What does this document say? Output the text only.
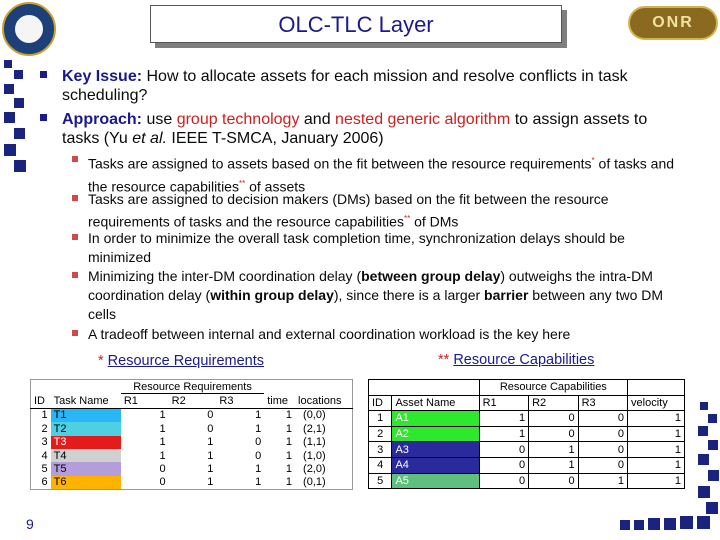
ONR
OLC-TLC Layer
Key Issue: How to allocate assets for each mission and resolve conflicts in task scheduling?
Approach: use group technology and nested generic algorithm to assign assets to tasks (Yu et al. IEEE T-SMCA, January 2006)
Tasks are assigned to assets based on the fit between the resource requirements* of tasks and the resource capabilities** of assets
Tasks are assigned to decision makers (DMs) based on the fit between the resource requirements of tasks and the resource capabilities** of DMs
In order to minimize the overall task completion time, synchronization delays should be minimized
Minimizing the inter-DM coordination delay (between group delay) outweighs the intra-DM coordination delay (within group delay), since there is a larger barrier between any two DM cells
A tradeoff between internal and external coordination workload is the key here
* Resource Requirements	** Resource Capabilities
		Resource Requirements				
ID	Task Name	R1	R2	R3	time	locations
1	T1	1	0	1	1	(0,0)
2	T2	1	0	1	1	(2,1)
3	T3	1	1	0	1	(1,1)
4	T4	1	1	0	1	(1,0)
5	T5	0	1	1	1	(2,0)
6	T6	0	1	1	1	(0,1)
		Resource Capabilities			
ID	Asset Name	R1	R2	R3	velocity
1	A1	1	0	0	1
2	A2	1	0	0	1
3	A3	0	1	0	1
4	A4	0	1	0	1
5	A5	0	0	1	1
9
